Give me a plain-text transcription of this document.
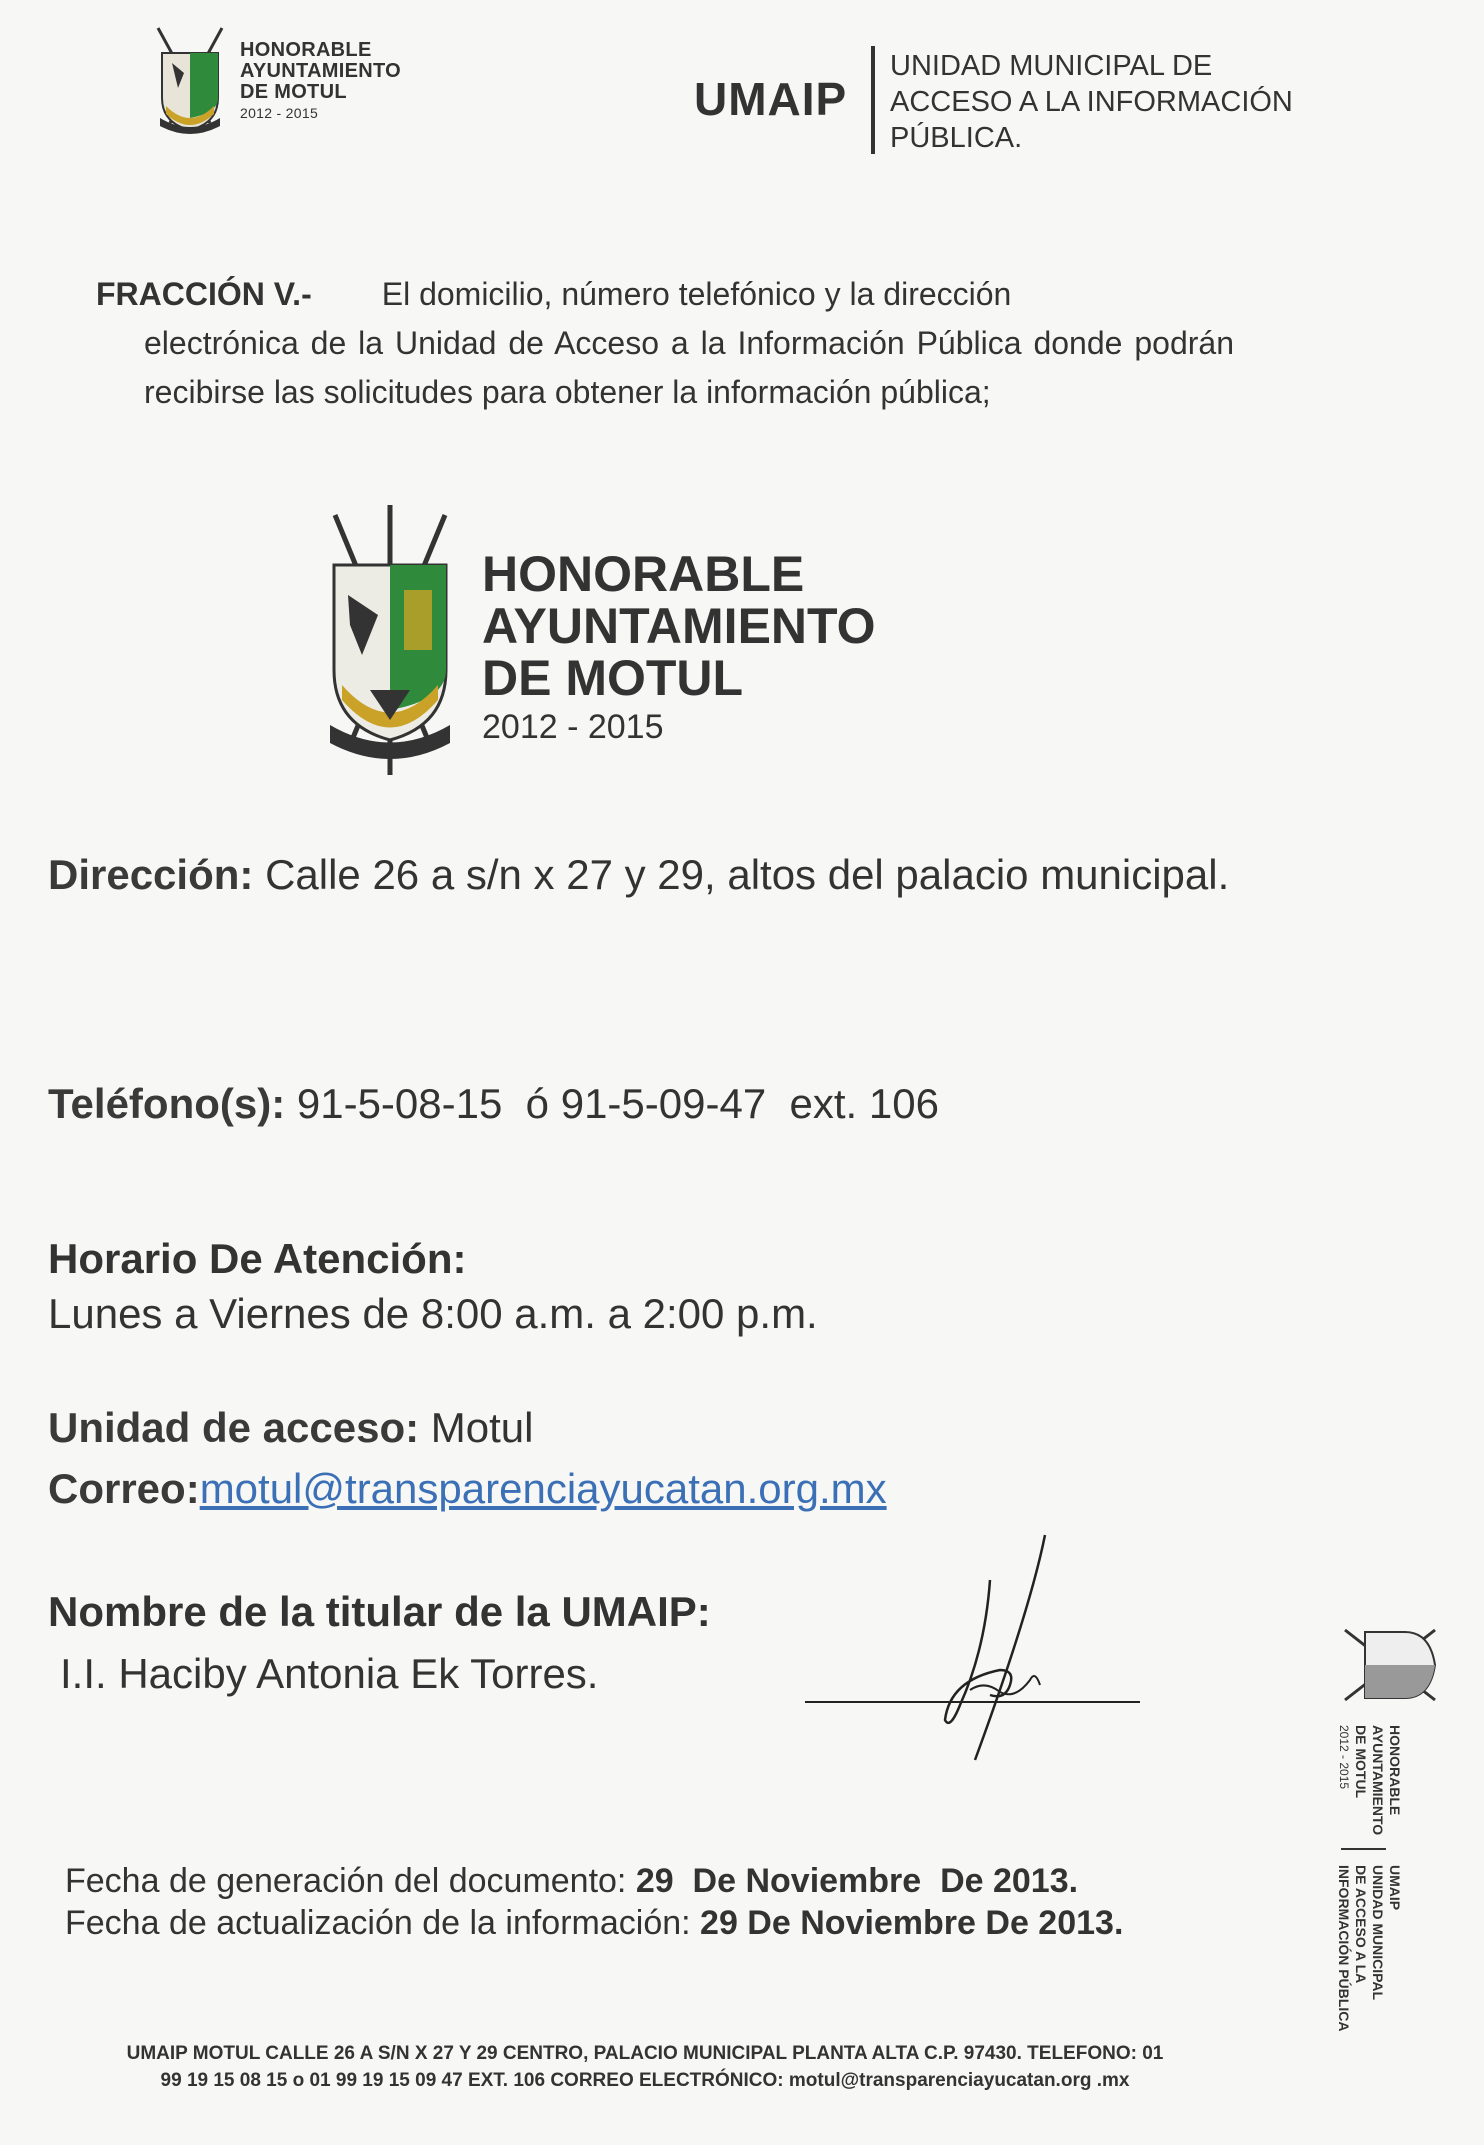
HONORABLE
AYUNTAMIENTO
DE MOTUL
2012 - 2015	UMAIP
UNIDAD MUNICIPAL DE
ACCESO A LA INFORMACIÓN
PÚBLICA.
FRACCIÓN V.- El domicilio, número telefónico y la dirección
electrónica de la Unidad de Acceso a la Información Pública donde podrán recibirse las solicitudes para obtener la información pública;
HONORABLE
AYUNTAMIENTO
DE MOTUL
2012 - 2015
Dirección: Calle 26 a s/n x 27 y 29, altos del palacio municipal.
Teléfono(s): 91-5-08-15  ó 91-5-09-47  ext. 106
Horario De Atención:
Lunes a Viernes de 8:00 a.m. a 2:00 p.m.
Unidad de acceso: Motul
Correo:motul@transparenciayucatan.org.mx
Nombre de la titular de la UMAIP:
I.I. Haciby Antonia Ek Torres.
Fecha de generación del documento: 29  De Noviembre  De 2013.
Fecha de actualización de la información: 29 De Noviembre De 2013.
UMAIP MOTUL CALLE 26 A S/N X 27 Y 29 CENTRO, PALACIO MUNICIPAL PLANTA ALTA C.P. 97430. TELEFONO: 01
99 19 15 08 15 o 01 99 19 15 09 47 EXT. 106 CORREO ELECTRÓNICO: motul@transparenciayucatan.org .mx
HONORABLE
AYUNTAMIENTO
DE MOTUL
2012 - 2015
UMAIP
UNIDAD MUNICIPAL
DE ACCESO A LA
INFORMACIÓN PÚBLICA
